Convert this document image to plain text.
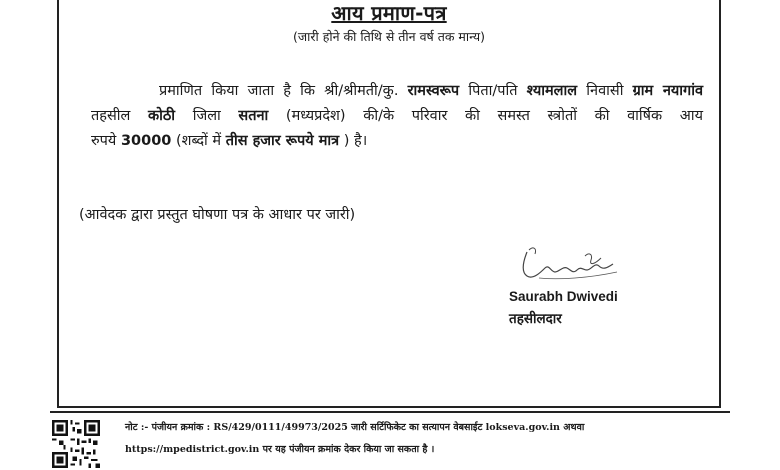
आय प्रमाण-पत्र
(जारी होने की तिथि से तीन वर्ष तक मान्य)
प्रमाणित किया जाता है कि श्री/श्रीमती/कु. रामस्वरूप पिता/पति श्यामलाल निवासी ग्राम नयागांव
तहसील कोठी जिला सतना (मध्यप्रदेश) की/के परिवार की समस्त स्त्रोतों की वार्षिक आय
रुपये 30000 (शब्दों में तीस हजार रूपये मात्र ) है।
(आवेदक द्वारा प्रस्तुत घोषणा पत्र के आधार पर जारी)
Saurabh Dwivedi
तहसीलदार
नोट :- पंजीयन क्रमांक : RS/429/0111/49973/2025 जारी सर्टिफिकेट का सत्यापन वेबसाईट lokseva.gov.in अथवा
https://mpedistrict.gov.in पर यह पंजीयन क्रमांक देकर किया जा सकता है ।
